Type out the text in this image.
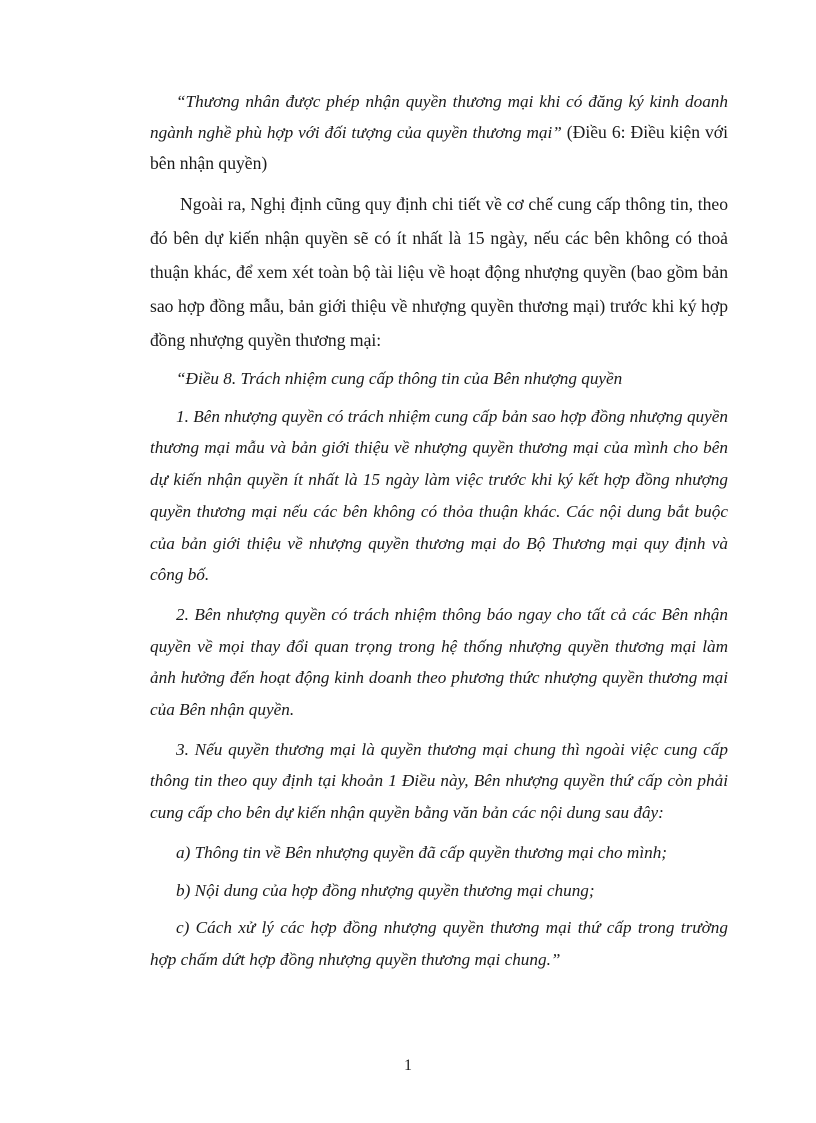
“Thương nhân được phép nhận quyền thương mại khi có đăng ký kinh doanh ngành nghề phù hợp với đối tượng của quyền thương mại” (Điều 6: Điều kiện với bên nhận quyền)

Ngoài ra, Nghị định cũng quy định chi tiết về cơ chế cung cấp thông tin, theo đó bên dự kiến nhận quyền sẽ có ít nhất là 15 ngày, nếu các bên không có thoả thuận khác, để xem xét toàn bộ tài liệu về hoạt động nhượng quyền (bao gồm bản sao hợp đồng mẫu, bản giới thiệu về nhượng quyền thương mại) trước khi ký hợp đồng nhượng quyền thương mại:

“Điều 8. Trách nhiệm cung cấp thông tin của Bên nhượng quyền

1. Bên nhượng quyền có trách nhiệm cung cấp bản sao hợp đồng nhượng quyền thương mại mẫu và bản giới thiệu về nhượng quyền thương mại của mình cho bên dự kiến nhận quyền ít nhất là 15 ngày làm việc trước khi ký kết hợp đồng nhượng quyền thương mại nếu các bên không có thỏa thuận khác. Các nội dung bắt buộc của bản giới thiệu về nhượng quyền thương mại do Bộ Thương mại quy định và công bố.

2. Bên nhượng quyền có trách nhiệm thông báo ngay cho tất cả các Bên nhận quyền về mọi thay đổi quan trọng trong hệ thống nhượng quyền thương mại làm ảnh hưởng đến hoạt động kinh doanh theo phương thức nhượng quyền thương mại của Bên nhận quyền.

3. Nếu quyền thương mại là quyền thương mại chung thì ngoài việc cung cấp thông tin theo quy định tại khoản 1 Điều này, Bên nhượng quyền thứ cấp còn phải cung cấp cho bên dự kiến nhận quyền bằng văn bản các nội dung sau đây:

a) Thông tin về Bên nhượng quyền đã cấp quyền thương mại cho mình;

b) Nội dung của hợp đồng nhượng quyền thương mại chung;

c) Cách xử lý các hợp đồng nhượng quyền thương mại thứ cấp trong trường hợp chấm dứt hợp đồng nhượng quyền thương mại chung.”

1
